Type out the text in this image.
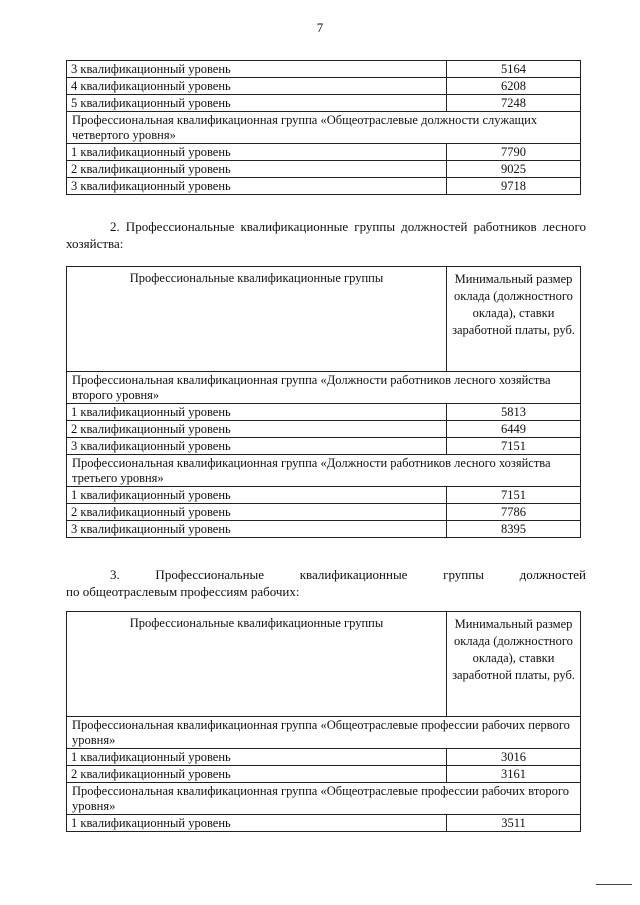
7
3 квалификационный уровень	5164
4 квалификационный уровень	6208
5 квалификационный уровень	7248
Профессиональная квалификационная группа «Общеотраслевые должности служащих четвертого уровня»	
1 квалификационный уровень	7790
2 квалификационный уровень	9025
3 квалификационный уровень	9718
2. Профессиональные квалификационные группы должностей работников лесного хозяйства:
Профессиональные квалификационные группы	Минимальный размер оклада (должностного оклада), ставки заработной платы, руб.
Профессиональная квалификационная группа «Должности работников лесного хозяйства второго уровня»	
1 квалификационный уровень	5813
2 квалификационный уровень	6449
3 квалификационный уровень	7151
Профессиональная квалификационная группа «Должности работников лесного хозяйства третьего уровня»	
1 квалификационный уровень	7151
2 квалификационный уровень	7786
3 квалификационный уровень	8395
3. Профессиональные квалификационные группы должностей
по общеотраслевым профессиям рабочих:
Профессиональные квалификационные группы	Минимальный размер оклада (должностного оклада), ставки заработной платы, руб.
Профессиональная квалификационная группа «Общеотраслевые профессии рабочих первого уровня»	
1 квалификационный уровень	3016
2 квалификационный уровень	3161
Профессиональная квалификационная группа «Общеотраслевые профессии рабочих второго уровня»	
1 квалификационный уровень	3511
